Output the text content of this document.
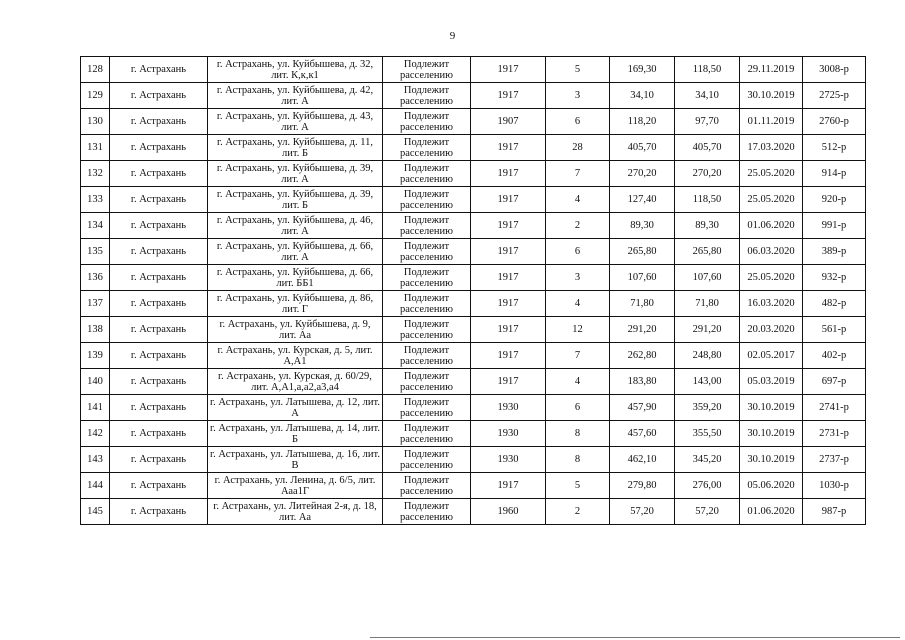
9
128	г. Астрахань	г. Астрахань, ул. Куйбышева, д. 32, лит. К,к,к1	Подлежит расселению	1917	5	169,30	118,50	29.11.2019	3008-р
129	г. Астрахань	г. Астрахань, ул. Куйбышева, д. 42, лит. А	Подлежит расселению	1917	3	34,10	34,10	30.10.2019	2725-р
130	г. Астрахань	г. Астрахань, ул. Куйбышева, д. 43, лит. А	Подлежит расселению	1907	6	118,20	97,70	01.11.2019	2760-р
131	г. Астрахань	г. Астрахань, ул. Куйбышева, д. 11, лит. Б	Подлежит расселению	1917	28	405,70	405,70	17.03.2020	512-р
132	г. Астрахань	г. Астрахань, ул. Куйбышева, д. 39, лит. А	Подлежит расселению	1917	7	270,20	270,20	25.05.2020	914-р
133	г. Астрахань	г. Астрахань, ул. Куйбышева, д. 39, лит. Б	Подлежит расселению	1917	4	127,40	118,50	25.05.2020	920-р
134	г. Астрахань	г. Астрахань, ул. Куйбышева, д. 46, лит. А	Подлежит расселению	1917	2	89,30	89,30	01.06.2020	991-р
135	г. Астрахань	г. Астрахань, ул. Куйбышева, д. 66, лит. А	Подлежит расселению	1917	6	265,80	265,80	06.03.2020	389-р
136	г. Астрахань	г. Астрахань, ул. Куйбышева, д. 66, лит. ББ1	Подлежит расселению	1917	3	107,60	107,60	25.05.2020	932-р
137	г. Астрахань	г. Астрахань, ул. Куйбышева, д. 86, лит. Г	Подлежит расселению	1917	4	71,80	71,80	16.03.2020	482-р
138	г. Астрахань	г. Астрахань, ул. Куйбышева, д. 9, лит. Аа	Подлежит расселению	1917	12	291,20	291,20	20.03.2020	561-р
139	г. Астрахань	г. Астрахань, ул. Курская, д. 5, лит. А,А1	Подлежит расселению	1917	7	262,80	248,80	02.05.2017	402-р
140	г. Астрахань	г. Астрахань, ул. Курская, д. 60/29, лит. А,А1,а,а2,а3,а4	Подлежит расселению	1917	4	183,80	143,00	05.03.2019	697-р
141	г. Астрахань	г. Астрахань, ул. Латышева, д. 12, лит. А	Подлежит расселению	1930	6	457,90	359,20	30.10.2019	2741-р
142	г. Астрахань	г. Астрахань, ул. Латышева, д. 14, лит. Б	Подлежит расселению	1930	8	457,60	355,50	30.10.2019	2731-р
143	г. Астрахань	г. Астрахань, ул. Латышева, д. 16, лит. В	Подлежит расселению	1930	8	462,10	345,20	30.10.2019	2737-р
144	г. Астрахань	г. Астрахань, ул. Ленина, д. 6/5, лит. Ааа1Г	Подлежит расселению	1917	5	279,80	276,00	05.06.2020	1030-р
145	г. Астрахань	г. Астрахань, ул. Литейная 2-я, д. 18, лит. Аа	Подлежит расселению	1960	2	57,20	57,20	01.06.2020	987-р
